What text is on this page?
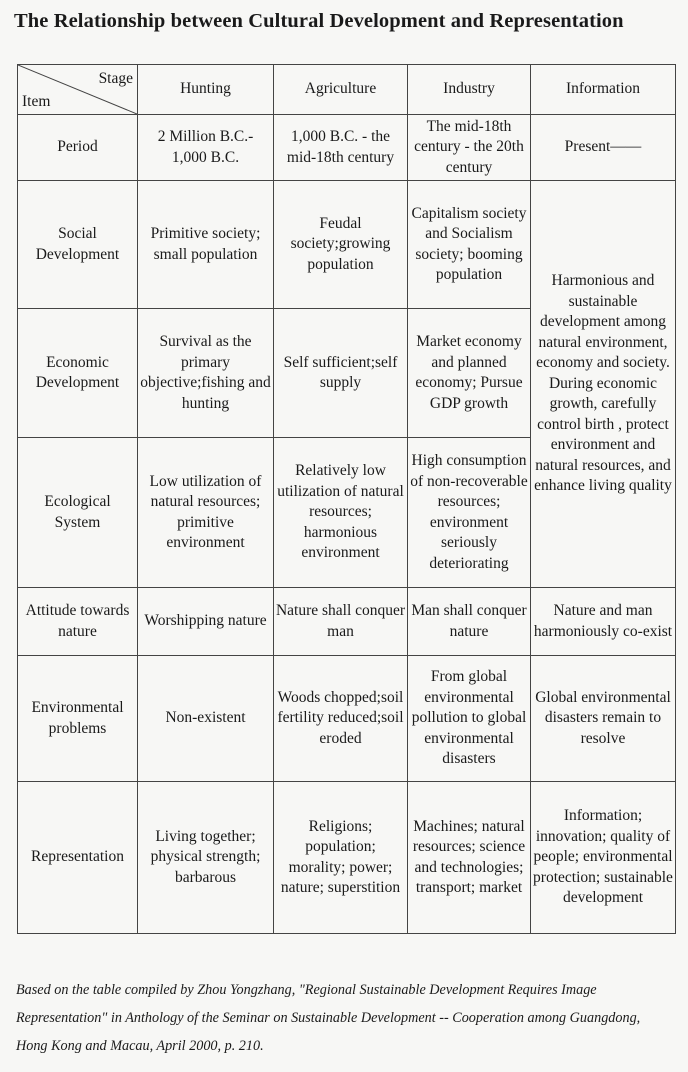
The Relationship between Cultural Development and Representation
Stage
Item	Hunting	Agriculture	Industry	Information
Period	2 Million B.C.- 1,000 B.C.	1,000 B.C. - the mid-18th century	The mid-18th century - the 20th century	Present——
Social Development	Primitive society; small population	Feudal society;growing population	Capitalism society and Socialism society; booming population	Harmonious and sustainable development among natural environment, economy and society. During economic growth, carefully control birth , protect environment and natural resources, and enhance living quality
Economic Development	Survival as the primary objective;fishing and hunting	Self sufficient;self supply	Market economy and planned economy; Pursue GDP growth	
Ecological System	Low utilization of natural resources; primitive environment	Relatively low utilization of natural resources; harmonious environment	High consumption of non-recoverable resources; environment seriously deteriorating	
Attitude towards nature	Worshipping nature	Nature shall conquer man	Man shall conquer nature	Nature and man harmoniously co-exist
Environmental problems	Non-existent	Woods chopped;soil fertility reduced;soil eroded	From global environmental pollution to global environmental disasters	Global environmental disasters remain to resolve
Representation	Living together; physical strength; barbarous	Religions; population; morality; power; nature; superstition	Machines; natural resources; science and technologies; transport; market	Information; innovation; quality of people; environmental protection; sustainable development
Based on the table compiled by Zhou Yongzhang, "Regional Sustainable Development Requires Image
Representation" in Anthology of the Seminar on Sustainable Development -- Cooperation among Guangdong,
Hong Kong and Macau, April 2000, p. 210.
